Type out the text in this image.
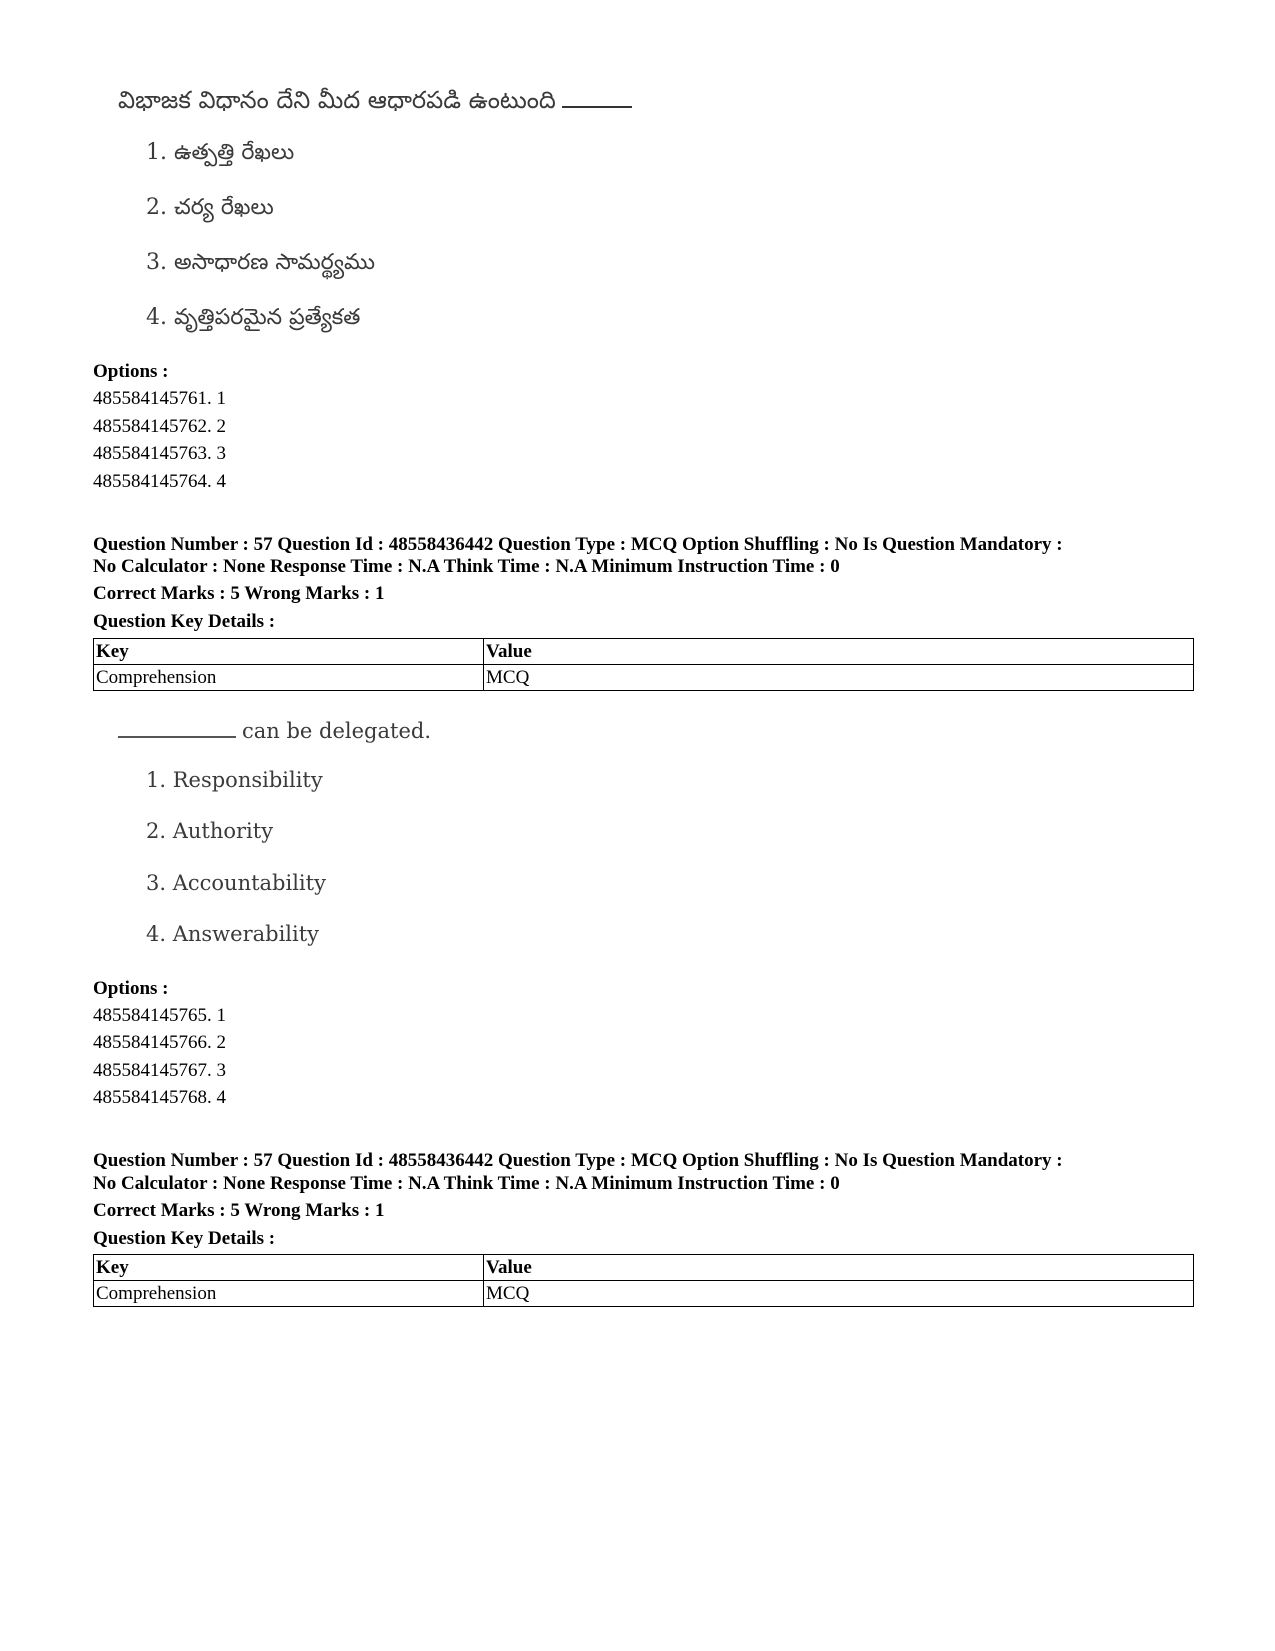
విభాజక విధానం దేని మీద ఆధారపడి ఉంటుంది
1. ఉత్పత్తి రేఖలు
2. చర్య రేఖలు
3. అసాధారణ సామర్థ్యము
4. వృత్తిపరమైన ప్రత్యేకత
Options :
485584145761. 1
485584145762. 2
485584145763. 3
485584145764. 4
Question Number : 57 Question Id : 48558436442 Question Type : MCQ Option Shuffling : No Is Question Mandatory :
No Calculator : None Response Time : N.A Think Time : N.A Minimum Instruction Time : 0
Correct Marks : 5 Wrong Marks : 1
Question Key Details :
Key	Value
Comprehension	MCQ
can be delegated.
1. Responsibility
2. Authority
3. Accountability
4. Answerability
Options :
485584145765. 1
485584145766. 2
485584145767. 3
485584145768. 4
Question Number : 57 Question Id : 48558436442 Question Type : MCQ Option Shuffling : No Is Question Mandatory :
No Calculator : None Response Time : N.A Think Time : N.A Minimum Instruction Time : 0
Correct Marks : 5 Wrong Marks : 1
Question Key Details :
Key	Value
Comprehension	MCQ
